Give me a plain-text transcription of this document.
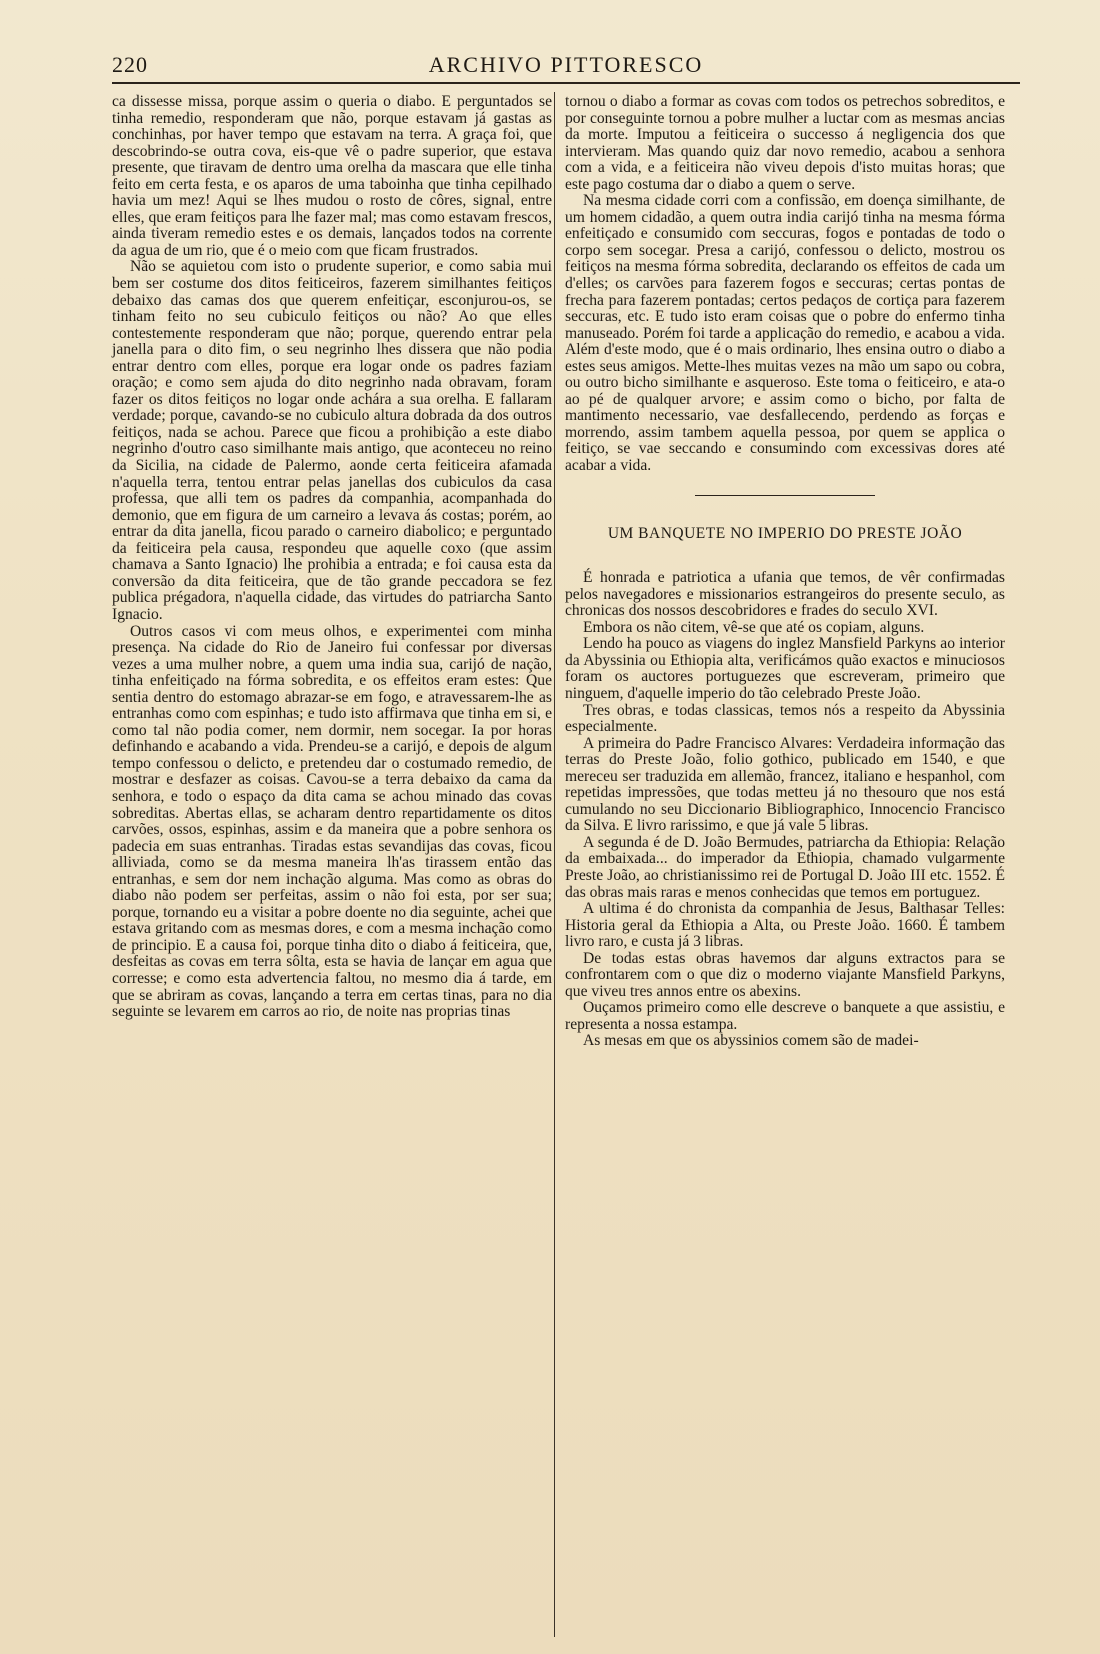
220	ARCHIVO PITTORESCO

ca dissesse missa, porque assim o queria o diabo. E perguntados se tinha remedio, responderam que não, porque estavam já gastas as conchinhas, por haver tempo que estavam na terra. A graça foi, que descobrindo-se outra cova, eis-que vê o padre superior, que estava presente, que tiravam de dentro uma orelha da mascara que elle tinha feito em certa festa, e os aparos de uma taboinha que tinha cepilhado havia um mez! Aqui se lhes mudou o rosto de côres, signal, entre elles, que eram feitiços para lhe fazer mal; mas como estavam frescos, ainda tiveram remedio estes e os demais, lançados todos na corrente da agua de um rio, que é o meio com que ficam frustrados.

Não se aquietou com isto o prudente superior, e como sabia mui bem ser costume dos ditos feiticeiros, fazerem similhantes feitiços debaixo das camas dos que querem enfeitiçar, esconjurou-os, se tinham feito no seu cubiculo feitiços ou não? Ao que elles contestemente responderam que não; porque, querendo entrar pela janella para o dito fim, o seu negrinho lhes dissera que não podia entrar dentro com elles, porque era logar onde os padres faziam oração; e como sem ajuda do dito negrinho nada obravam, foram fazer os ditos feitiços no logar onde achára a sua orelha. E fallaram verdade; porque, cavando-se no cubiculo altura dobrada da dos outros feitiços, nada se achou. Parece que ficou a prohibição a este diabo negrinho d'outro caso similhante mais antigo, que aconteceu no reino da Sicilia, na cidade de Palermo, aonde certa feiticeira afamada n'aquella terra, tentou entrar pelas janellas dos cubiculos da casa professa, que alli tem os padres da companhia, acompanhada do demonio, que em figura de um carneiro a levava ás costas; porém, ao entrar da dita janella, ficou parado o carneiro diabolico; e perguntado da feiticeira pela causa, respondeu que aquelle coxo (que assim chamava a Santo Ignacio) lhe prohibia a entrada; e foi causa esta da conversão da dita feiticeira, que de tão grande peccadora se fez publica prégadora, n'aquella cidade, das virtudes do patriarcha Santo Ignacio.

Outros casos vi com meus olhos, e experimentei com minha presença. Na cidade do Rio de Janeiro fui confessar por diversas vezes a uma mulher nobre, a quem uma india sua, carijó de nação, tinha enfeitiçado na fórma sobredita, e os effeitos eram estes: Que sentia dentro do estomago abrazar-se em fogo, e atravessarem-lhe as entranhas como com espinhas; e tudo isto affirmava que tinha em si, e como tal não podia comer, nem dormir, nem socegar. Ia por horas definhando e acabando a vida. Prendeu-se a carijó, e depois de algum tempo confessou o delicto, e pretendeu dar o costumado remedio, de mostrar e desfazer as coisas. Cavou-se a terra debaixo da cama da senhora, e todo o espaço da dita cama se achou minado das covas sobreditas. Abertas ellas, se acharam dentro repartidamente os ditos carvões, ossos, espinhas, assim e da maneira que a pobre senhora os padecia em suas entranhas. Tiradas estas sevandijas das covas, ficou alliviada, como se da mesma maneira lh'as tirassem então das entranhas, e sem dor nem inchação alguma. Mas como as obras do diabo não podem ser perfeitas, assim o não foi esta, por ser sua; porque, tornando eu a visitar a pobre doente no dia seguinte, achei que estava gritando com as mesmas dores, e com a mesma inchação como de principio. E a causa foi, porque tinha dito o diabo á feiticeira, que, desfeitas as covas em terra sôlta, esta se havia de lançar em agua que corresse; e como esta advertencia faltou, no mesmo dia á tarde, em que se abriram as covas, lançando a terra em certas tinas, para no dia seguinte se levarem em carros ao rio, de noite nas proprias tinas

tornou o diabo a formar as covas com todos os petrechos sobreditos, e por conseguinte tornou a pobre mulher a luctar com as mesmas ancias da morte. Imputou a feiticeira o successo á negligencia dos que intervieram. Mas quando quiz dar novo remedio, acabou a senhora com a vida, e a feiticeira não viveu depois d'isto muitas horas; que este pago costuma dar o diabo a quem o serve.

Na mesma cidade corri com a confissão, em doença similhante, de um homem cidadão, a quem outra india carijó tinha na mesma fórma enfeitiçado e consumido com seccuras, fogos e pontadas de todo o corpo sem socegar. Presa a carijó, confessou o delicto, mostrou os feitiços na mesma fórma sobredita, declarando os effeitos de cada um d'elles; os carvões para fazerem fogos e seccuras; certas pontas de frecha para fazerem pontadas; certos pedaços de cortiça para fazerem seccuras, etc. E tudo isto eram coisas que o pobre do enfermo tinha manuseado. Porém foi tarde a applicação do remedio, e acabou a vida. Além d'este modo, que é o mais ordinario, lhes ensina outro o diabo a estes seus amigos. Mette-lhes muitas vezes na mão um sapo ou cobra, ou outro bicho similhante e asqueroso. Este toma o feiticeiro, e ata-o ao pé de qualquer arvore; e assim como o bicho, por falta de mantimento necessario, vae desfallecendo, perdendo as forças e morrendo, assim tambem aquella pessoa, por quem se applica o feitiço, se vae seccando e consumindo com excessivas dores até acabar a vida.

UM BANQUETE NO IMPERIO DO PRESTE JOÃO

É honrada e patriotica a ufania que temos, de vêr confirmadas pelos navegadores e missionarios estrangeiros do presente seculo, as chronicas dos nossos descobridores e frades do seculo XVI.

Embora os não citem, vê-se que até os copiam, alguns.

Lendo ha pouco as viagens do inglez Mansfield Parkyns ao interior da Abyssinia ou Ethiopia alta, verificámos quão exactos e minuciosos foram os auctores portuguezes que escreveram, primeiro que ninguem, d'aquelle imperio do tão celebrado Preste João.

Tres obras, e todas classicas, temos nós a respeito da Abyssinia especialmente.

A primeira do Padre Francisco Alvares: Verdadeira informação das terras do Preste João, folio gothico, publicado em 1540, e que mereceu ser traduzida em allemão, francez, italiano e hespanhol, com repetidas impressões, que todas metteu já no thesouro que nos está cumulando no seu Diccionario Bibliographico, Innocencio Francisco da Silva. E livro rarissimo, e que já vale 5 libras.

A segunda é de D. João Bermudes, patriarcha da Ethiopia: Relação da embaixada... do imperador da Ethiopia, chamado vulgarmente Preste João, ao christianissimo rei de Portugal D. João III etc. 1552. É das obras mais raras e menos conhecidas que temos em portuguez.

A ultima é do chronista da companhia de Jesus, Balthasar Telles: Historia geral da Ethiopia a Alta, ou Preste João. 1660. É tambem livro raro, e custa já 3 libras.

De todas estas obras havemos dar alguns extractos para se confrontarem com o que diz o moderno viajante Mansfield Parkyns, que viveu tres annos entre os abexins.

Ouçamos primeiro como elle descreve o banquete a que assistiu, e representa a nossa estampa.

As mesas em que os abyssinios comem são de madei-
